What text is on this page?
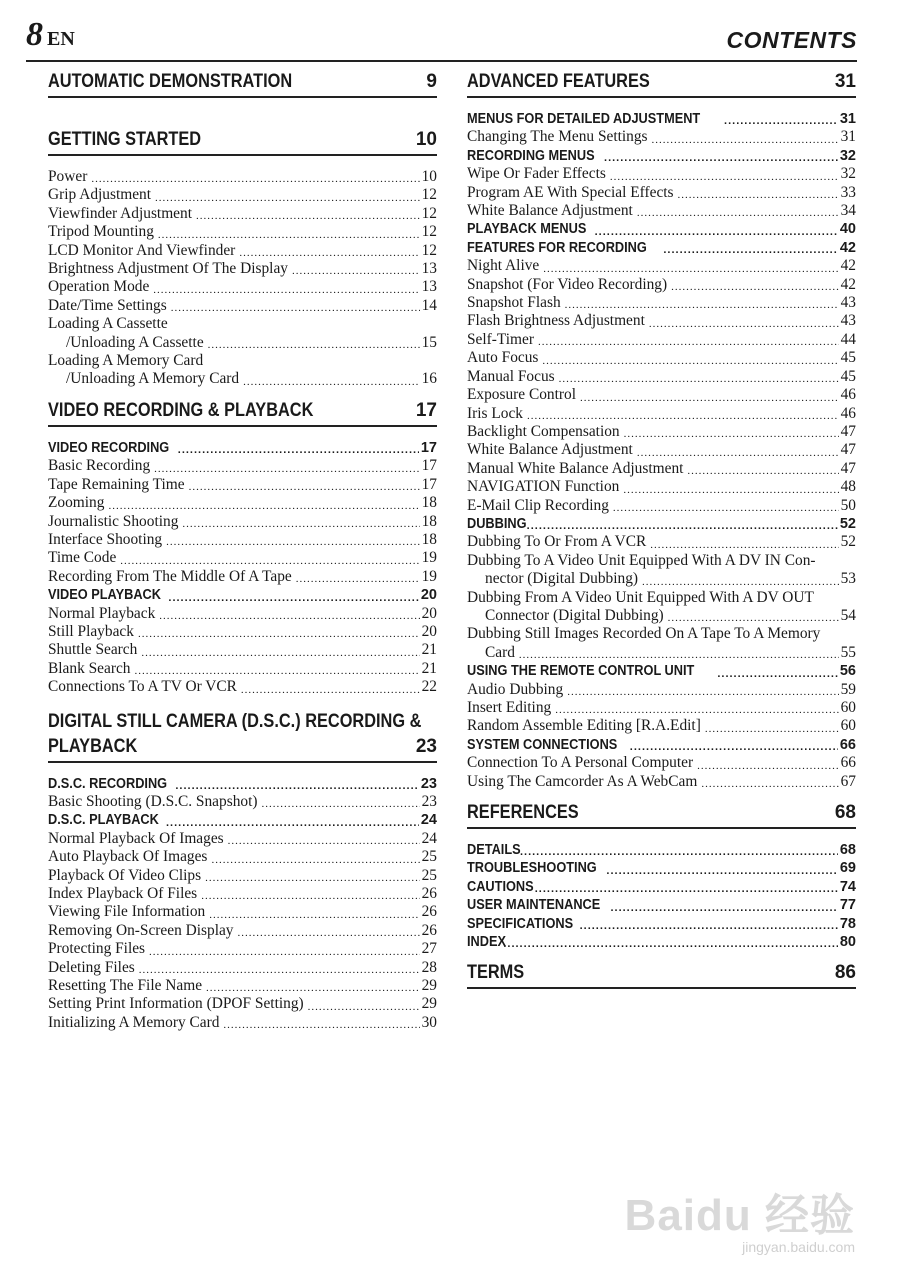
8 EN	CONTENTS
AUTOMATIC DEMONSTRATION	9
GETTING STARTED	10
Power .....	10
Grip Adjustment .....	12
Viewfinder Adjustment .....	12
Tripod Mounting .....	12
LCD Monitor And Viewfinder .....	12
Brightness Adjustment Of The Display .....	13
Operation Mode .....	13
Date/Time Settings .....	14
Loading A Cassette
/Unloading A Cassette .....	15
Loading A Memory Card
/Unloading A Memory Card .....	16
VIDEO RECORDING & PLAYBACK	17
VIDEO RECORDING .....	17
Basic Recording .....	17
Tape Remaining Time .....	17
Zooming .....	18
Journalistic Shooting .....	18
Interface Shooting .....	18
Time Code .....	19
Recording From The Middle Of A Tape .....	19
VIDEO PLAYBACK .....	20
Normal Playback .....	20
Still Playback .....	20
Shuttle Search .....	21
Blank Search .....	21
Connections To A TV Or VCR .....	22
DIGITAL STILL CAMERA (D.S.C.) RECORDING &
PLAYBACK	23
D.S.C. RECORDING .....	23
Basic Shooting (D.S.C. Snapshot) .....	23
D.S.C. PLAYBACK .....	24
Normal Playback Of Images .....	24
Auto Playback Of Images .....	25
Playback Of Video Clips .....	25
Index Playback Of Files .....	26
Viewing File Information .....	26
Removing On-Screen Display .....	26
Protecting Files .....	27
Deleting Files .....	28
Resetting The File Name .....	29
Setting Print Information (DPOF Setting) .....	29
Initializing A Memory Card .....	30
ADVANCED FEATURES	31
MENUS FOR DETAILED ADJUSTMENT .....	31
Changing The Menu Settings .....	31
RECORDING MENUS .....	32
Wipe Or Fader Effects .....	32
Program AE With Special Effects .....	33
White Balance Adjustment .....	34
PLAYBACK MENUS .....	40
FEATURES FOR RECORDING .....	42
Night Alive .....	42
Snapshot (For Video Recording) .....	42
Snapshot Flash .....	43
Flash Brightness Adjustment .....	43
Self-Timer .....	44
Auto Focus .....	45
Manual Focus .....	45
Exposure Control .....	46
Iris Lock .....	46
Backlight Compensation .....	47
White Balance Adjustment .....	47
Manual White Balance Adjustment .....	47
NAVIGATION Function .....	48
E-Mail Clip Recording .....	50
DUBBING .....	52
Dubbing To Or From A VCR .....	52
Dubbing To A Video Unit Equipped With A DV IN Con-
nector (Digital Dubbing) .....	53
Dubbing From A Video Unit Equipped With A DV OUT
Connector (Digital Dubbing) .....	54
Dubbing Still Images Recorded On A Tape To A Memory
Card .....	55
USING THE REMOTE CONTROL UNIT .....	56
Audio Dubbing .....	59
Insert Editing .....	60
Random Assemble Editing [R.A.Edit] .....	60
SYSTEM CONNECTIONS .....	66
Connection To A Personal Computer .....	66
Using The Camcorder As A WebCam .....	67
REFERENCES	68
DETAILS .....	68
TROUBLESHOOTING .....	69
CAUTIONS .....	74
USER MAINTENANCE .....	77
SPECIFICATIONS .....	78
INDEX .....	80
TERMS	86
Baidu 经验
jingyan.baidu.com
